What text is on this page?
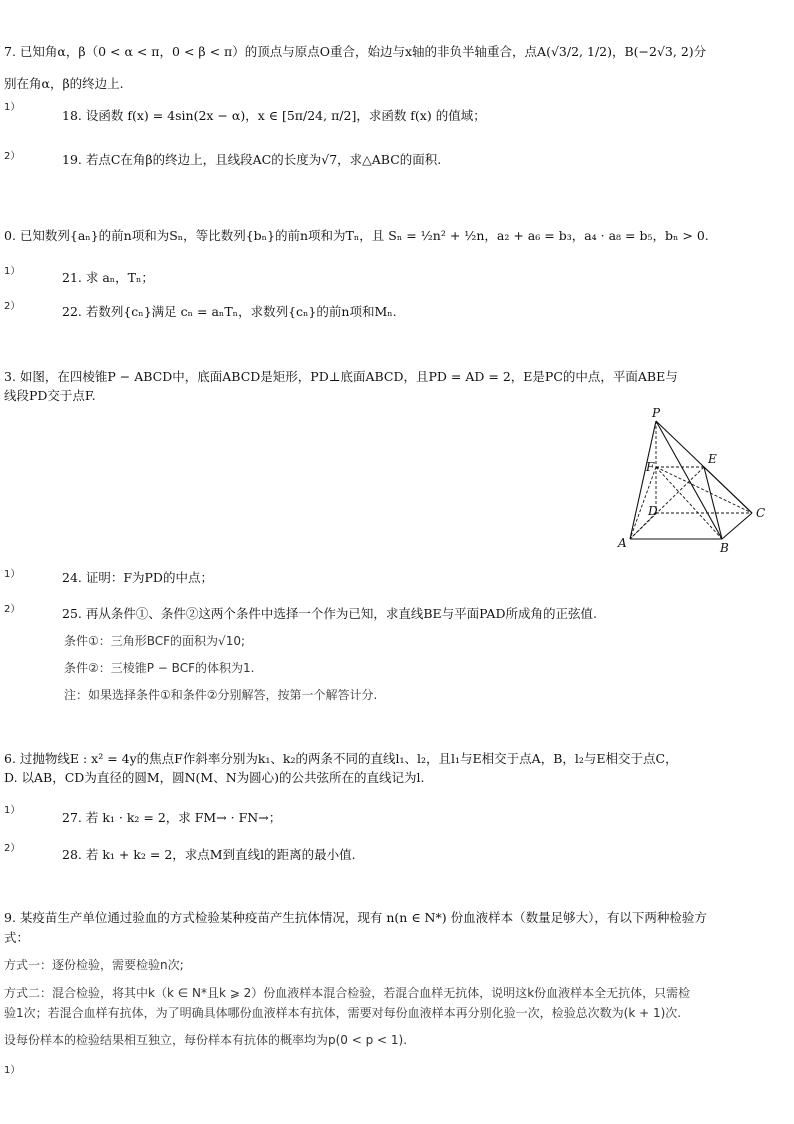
7. 已知角α，β（0 < α < π，0 < β < π）的顶点与原点O重合，始边与x轴的非负半轴重合，点A(√3/2, 1/2)，B(−2√3, 2)分
别在角α，β的终边上.
1）
18. 设函数 f(x) = 4sin(2x − α)，x ∈ [5π/24, π/2]，求函数 f(x) 的值域；
2）	19. 若点C在角β的终边上，且线段AC的长度为√7，求△ABC的面积.
0. 已知数列{aₙ}的前n项和为Sₙ，等比数列{bₙ}的前n项和为Tₙ，且 Sₙ = ½n² + ½n，a₂ + a₆ = b₃，a₄ · a₈ = b₅，bₙ > 0.
1）	21. 求 aₙ，Tₙ；
2）	22. 若数列{cₙ}满足 cₙ = aₙTₙ，求数列{cₙ}的前n项和Mₙ.
3. 如图，在四棱锥P − ABCD中，底面ABCD是矩形，PD⊥底面ABCD，且PD = AD = 2，E是PC的中点，平面ABE与
线段PD交于点F.
P
E
F
D	C
A	B
1）	24. 证明：F为PD的中点；
2）	25. 再从条件①、条件②这两个条件中选择一个作为已知，求直线BE与平面PAD所成角的正弦值.
条件①：三角形BCF的面积为√10;
条件②：三棱锥P − BCF的体积为1.
注：如果选择条件①和条件②分别解答，按第一个解答计分.
6. 过抛物线E : x² = 4y的焦点F作斜率分别为k₁、k₂的两条不同的直线l₁、l₂，且l₁与E相交于点A，B，l₂与E相交于点C，
D. 以AB，CD为直径的圆M，圆N(M、N为圆心)的公共弦所在的直线记为l.
1）	27. 若 k₁ · k₂ = 2，求 FM→ · FN→；
2）	28. 若 k₁ + k₂ = 2，求点M到直线l的距离的最小值.
9. 某疫苗生产单位通过验血的方式检验某种疫苗产生抗体情况，现有 n(n ∈ N*) 份血液样本（数量足够大），有以下两种检验方
式：
方式一：逐份检验，需要检验n次;
方式二：混合检验，将其中k（k ∈ N*且k ⩾ 2）份血液样本混合检验，若混合血样无抗体，说明这k份血液样本全无抗体，只需检
验1次；若混合血样有抗体，为了明确具体哪份血液样本有抗体，需要对每份血液样本再分别化验一次，检验总次数为(k + 1)次.
设每份样本的检验结果相互独立，每份样本有抗体的概率均为p(0 < p < 1).
1）
